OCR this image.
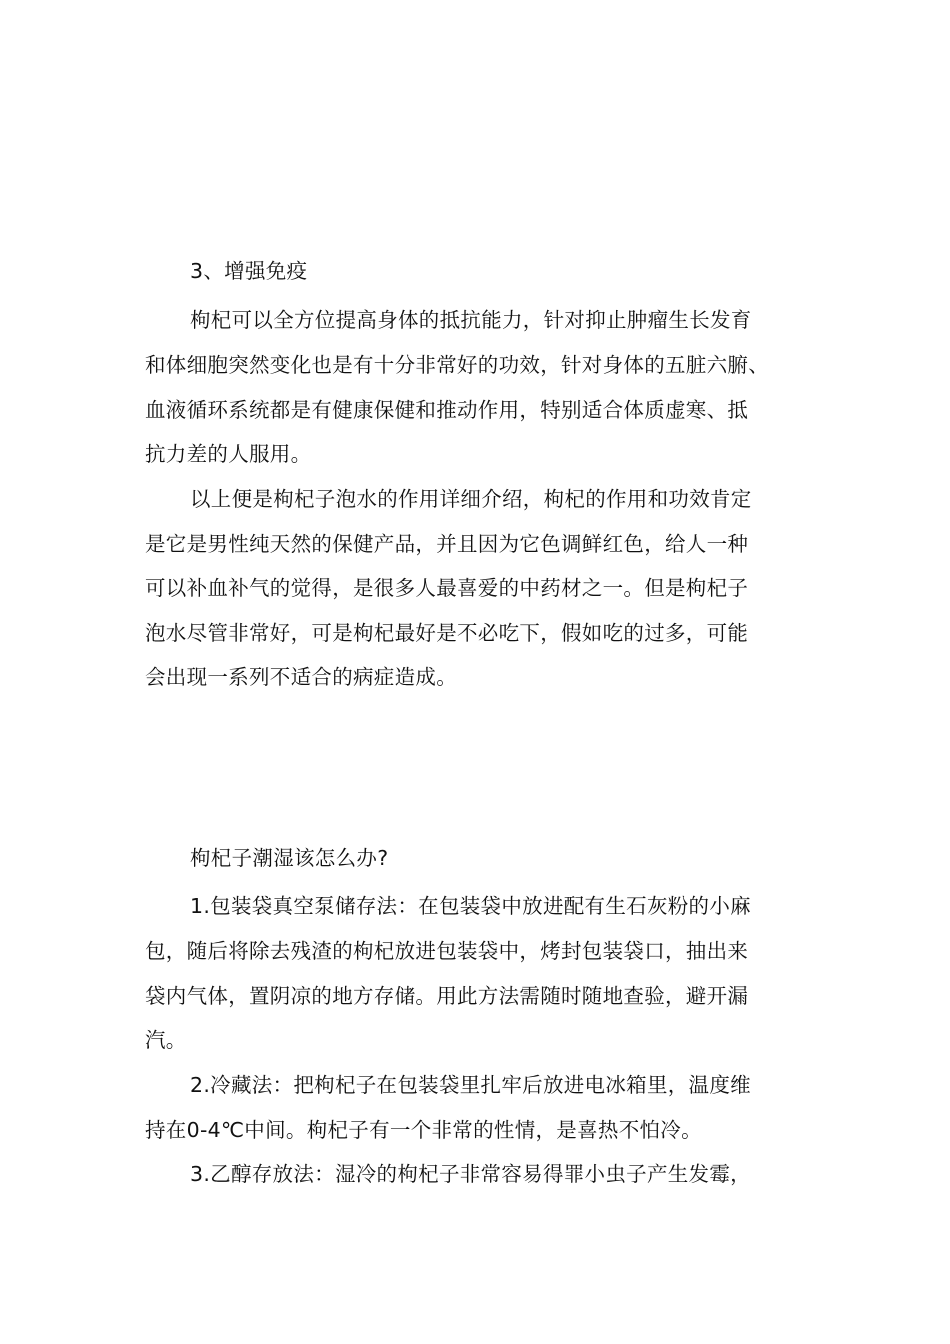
3、增强免疫
枸杞可以全方位提高身体的抵抗能力，针对抑止肿瘤生长发育
和体细胞突然变化也是有十分非常好的功效，针对身体的五脏六腑、
血液循环系统都是有健康保健和推动作用，特别适合体质虚寒、抵
抗力差的人服用。
以上便是枸杞子泡水的作用详细介绍，枸杞的作用和功效肯定
是它是男性纯天然的保健产品，并且因为它色调鲜红色，给人一种
可以补血补气的觉得，是很多人最喜爱的中药材之一。但是枸杞子
泡水尽管非常好，可是枸杞最好是不必吃下，假如吃的过多，可能
会出现一系列不适合的病症造成。
枸杞子潮湿该怎么办?
1.包装袋真空泵储存法：在包装袋中放进配有生石灰粉的小麻
包，随后将除去残渣的枸杞放进包装袋中，烤封包装袋口，抽出来
袋内气体，置阴凉的地方存储。用此方法需随时随地查验，避开漏
汽。
2.冷藏法：把枸杞子在包装袋里扎牢后放进电冰箱里，温度维
持在0-4℃中间。枸杞子有一个非常的性情，是喜热不怕冷。
3.乙醇存放法：湿冷的枸杞子非常容易得罪小虫子产生发霉，
